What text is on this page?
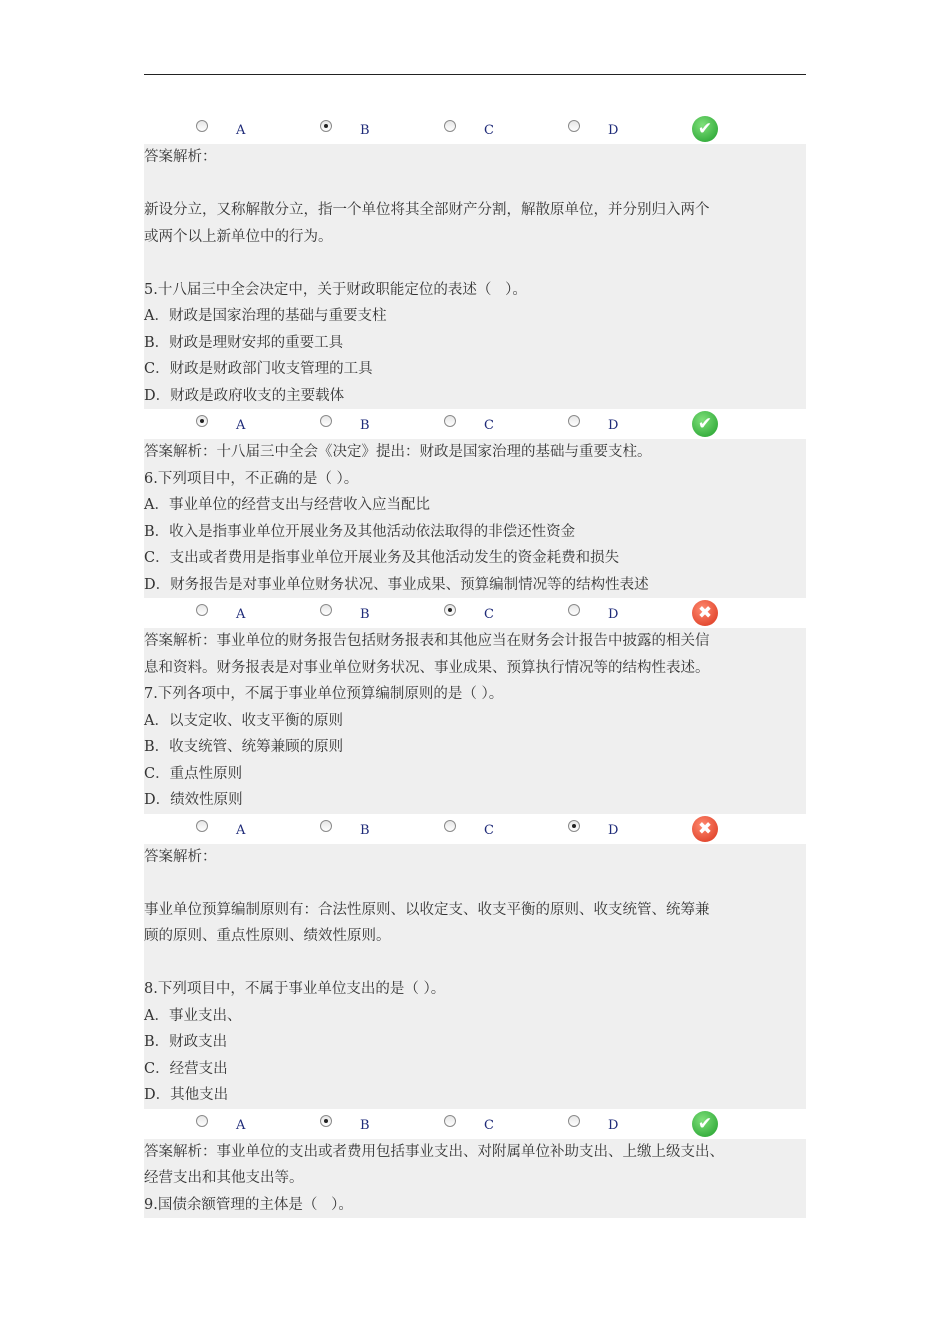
A	B	C	D	✔

答案解析：

新设分立，又称解散分立，指一个单位将其全部财产分割，解散原单位，并分别归入两个

或两个以上新单位中的行为。

5.十八届三中全会决定中，关于财政职能定位的表述（   ）。

A．财政是国家治理的基础与重要支柱

B．财政是理财安邦的重要工具

C．财政是财政部门收支管理的工具

D．财政是政府收支的主要载体

A	B	C	D	✔

答案解析：十八届三中全会《决定》提出：财政是国家治理的基础与重要支柱。

6.下列项目中，不正确的是（ ）。

A．事业单位的经营支出与经营收入应当配比

B．收入是指事业单位开展业务及其他活动依法取得的非偿还性资金

C．支出或者费用是指事业单位开展业务及其他活动发生的资金耗费和损失

D．财务报告是对事业单位财务状况、事业成果、预算编制情况等的结构性表述

A	B	C	D	✖

答案解析：事业单位的财务报告包括财务报表和其他应当在财务会计报告中披露的相关信

息和资料。财务报表是对事业单位财务状况、事业成果、预算执行情况等的结构性表述。

7.下列各项中，不属于事业单位预算编制原则的是（ ）。

A．以支定收、收支平衡的原则

B．收支统管、统筹兼顾的原则

C．重点性原则

D．绩效性原则

A	B	C	D	✖

答案解析：

事业单位预算编制原则有：合法性原则、以收定支、收支平衡的原则、收支统管、统筹兼

顾的原则、重点性原则、绩效性原则。

8.下列项目中，不属于事业单位支出的是（ ）。

A．事业支出、

B．财政支出

C．经营支出

D．其他支出

A	B	C	D	✔

答案解析：事业单位的支出或者费用包括事业支出、对附属单位补助支出、上缴上级支出、

经营支出和其他支出等。

9.国债余额管理的主体是（   ）。
